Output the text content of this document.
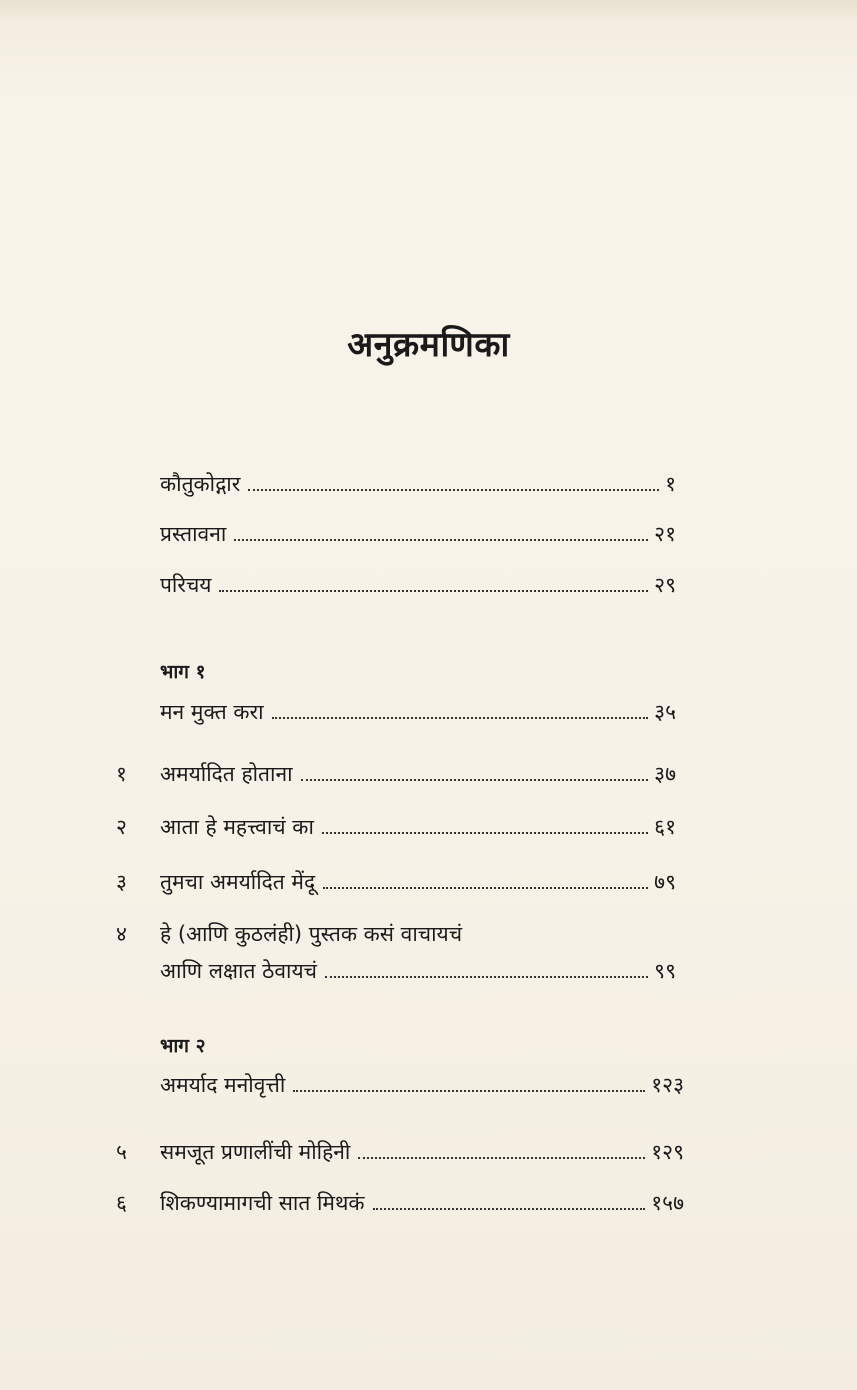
अनुक्रमणिका
कौतुकोद्गार	१
प्रस्तावना	२१
परिचय	२९
भाग १
मन मुक्त करा	३५
१ अमर्यादित होताना	३७
२ आता हे महत्त्वाचं का	६१
३ तुमचा अमर्यादित मेंदू	७९
४ हे (आणि कुठलंही) पुस्तक कसं वाचायचं
आणि लक्षात ठेवायचं	९९
भाग २
अमर्याद मनोवृत्ती	१२३
५ समजूत प्रणालींची मोहिनी	१२९
६ शिकण्यामागची सात मिथकं	१५७
